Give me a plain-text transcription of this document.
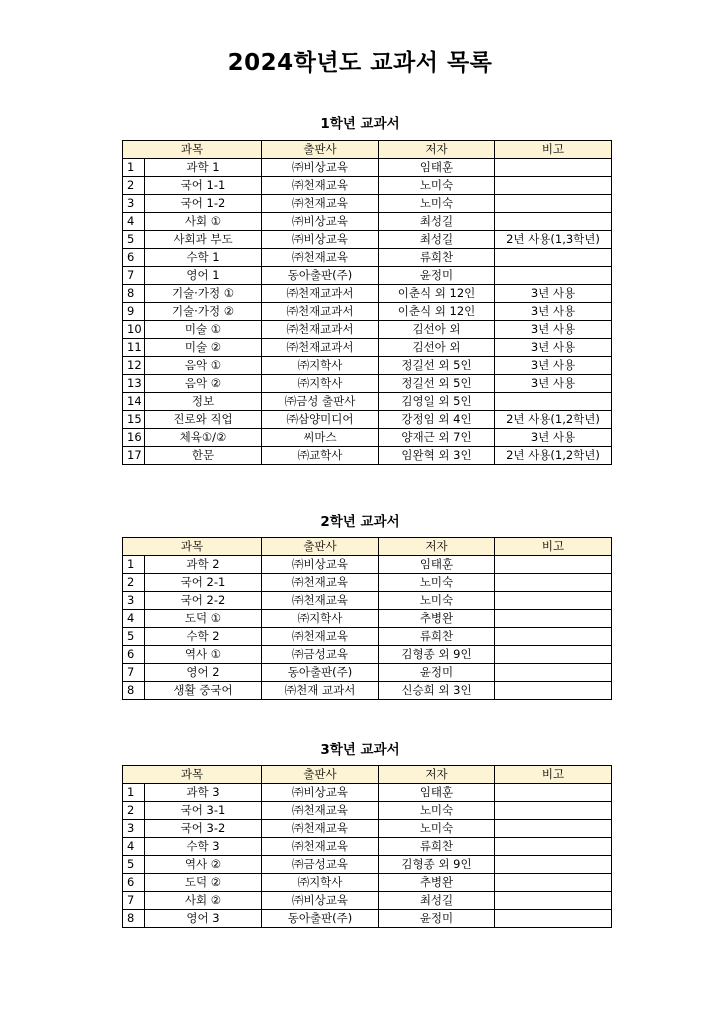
2024학년도 교과서 목록
1학년 교과서
과목		출판사	저자	비고
1	과학 1	㈜비상교육	임태훈	
2	국어 1-1	㈜천재교육	노미숙	
3	국어 1-2	㈜천재교육	노미숙	
4	사회 ①	㈜비상교육	최성길	
5	사회과 부도	㈜비상교육	최성길	2년 사용(1,3학년)
6	수학 1	㈜천재교육	류희찬	
7	영어 1	동아출판(주)	윤정미	
8	기술·가정 ①	㈜천재교과서	이춘식 외 12인	3년 사용
9	기술·가정 ②	㈜천재교과서	이춘식 외 12인	3년 사용
10	미술 ①	㈜천재교과서	김선아 외	3년 사용
11	미술 ②	㈜천재교과서	김선아 외	3년 사용
12	음악 ①	㈜지학사	정길선 외 5인	3년 사용
13	음악 ②	㈜지학사	정길선 외 5인	3년 사용
14	정보	㈜금성 출판사	김영일 외 5인	
15	진로와 직업	㈜삼양미디어	강정임 외 4인	2년 사용(1,2학년)
16	체육①/②	씨마스	양재근 외 7인	3년 사용
17	한문	㈜교학사	임완혁 외 3인	2년 사용(1,2학년)
2학년 교과서
과목		출판사	저자	비고
1	과학 2	㈜비상교육	임태훈	
2	국어 2-1	㈜천재교육	노미숙	
3	국어 2-2	㈜천재교육	노미숙	
4	도덕 ①	㈜지학사	추병완	
5	수학 2	㈜천재교육	류희찬	
6	역사 ①	㈜금성교육	김형종 외 9인	
7	영어 2	동아출판(주)	윤정미	
8	생활 중국어	㈜천재 교과서	신승희 외 3인	
3학년 교과서
과목		출판사	저자	비고
1	과학 3	㈜비상교육	임태훈	
2	국어 3-1	㈜천재교육	노미숙	
3	국어 3-2	㈜천재교육	노미숙	
4	수학 3	㈜천재교육	류희찬	
5	역사 ②	㈜금성교육	김형종 외 9인	
6	도덕 ②	㈜지학사	추병완	
7	사회 ②	㈜비상교육	최성길	
8	영어 3	동아출판(주)	윤정미	
